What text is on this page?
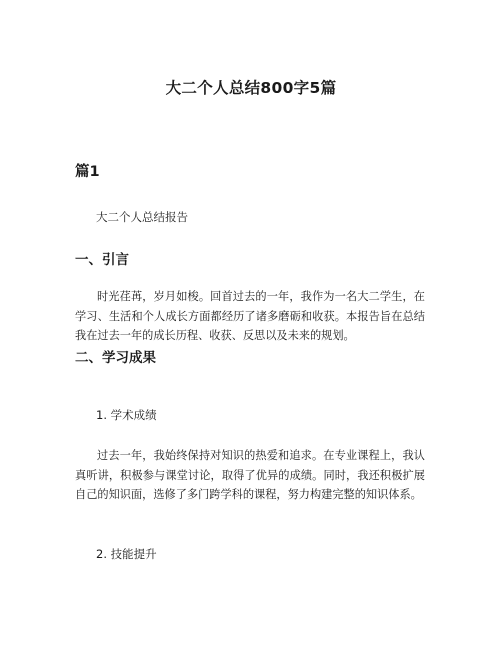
大二个人总结800字5篇
篇1
大二个人总结报告
一、引言

时光荏苒，岁月如梭。回首过去的一年，我作为一名大二学生，在学习、生活和个人成长方面都经历了诸多磨砺和收获。本报告旨在总结我在过去一年的成长历程、收获、反思以及未来的规划。

二、学习成果
1. 学术成绩

过去一年，我始终保持对知识的热爱和追求。在专业课程上，我认真听讲，积极参与课堂讨论，取得了优异的成绩。同时，我还积极扩展自己的知识面，选修了多门跨学科的课程，努力构建完整的知识体系。

2. 技能提升
